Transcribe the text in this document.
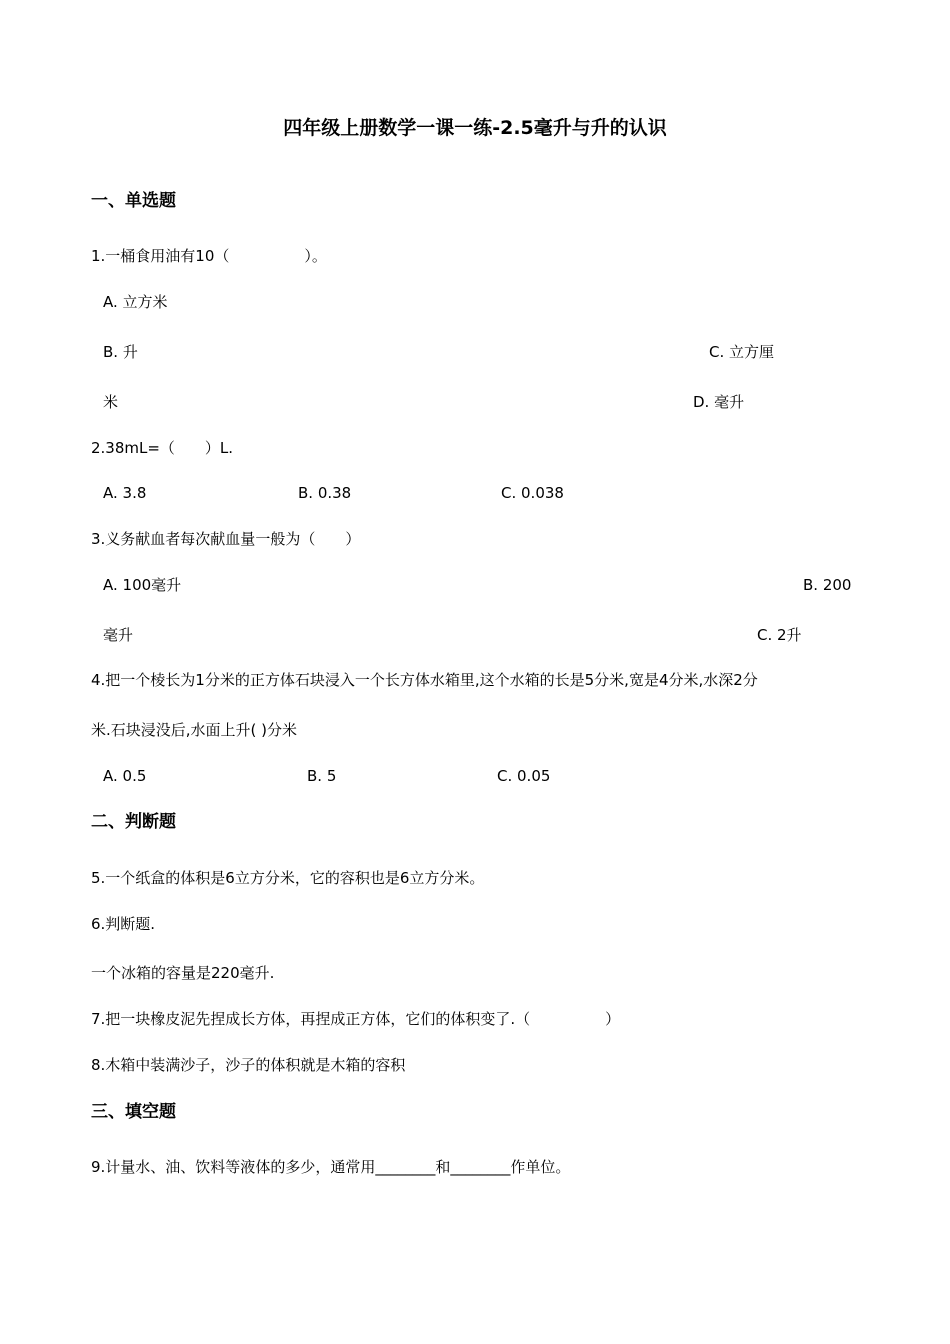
四年级上册数学一课一练-2.5毫升与升的认识
一、单选题
1.一桶食用油有10（　　　　　）。
A. 立方米
B. 升	C. 立方厘
米	D. 毫升
2.38mL=（　　）L.
A. 3.8	B. 0.38	C. 0.038
3.义务献血者每次献血量一般为（　　）
A. 100毫升	B. 200
毫升	C. 2升
4.把一个棱长为1分米的正方体石块浸入一个长方体水箱里,这个水箱的长是5分米,宽是4分米,水深2分
米.石块浸没后,水面上升( )分米
A. 0.5	B. 5	C. 0.05
二、判断题
5.一个纸盒的体积是6立方分米，它的容积也是6立方分米。
6.判断题.
一个冰箱的容量是220毫升.
7.把一块橡皮泥先捏成长方体，再捏成正方体，它们的体积变了.（　　　　　）
8.木箱中装满沙子，沙子的体积就是木箱的容积
三、填空题
9.计量水、油、饮料等液体的多少，通常用________和________作单位。
